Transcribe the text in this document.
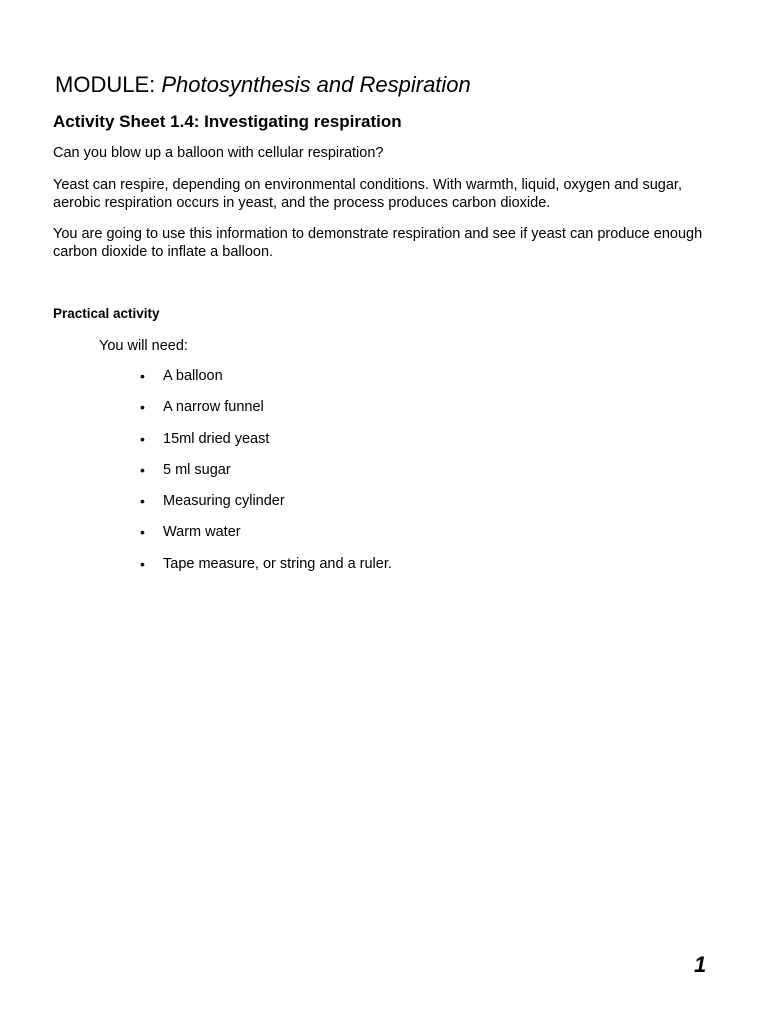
MODULE: Photosynthesis and Respiration
Activity Sheet 1.4: Investigating respiration

Can you blow up a balloon with cellular respiration?

Yeast can respire, depending on environmental conditions. With warmth, liquid, oxygen and sugar, aerobic respiration occurs in yeast, and the process produces carbon dioxide.

You are going to use this information to demonstrate respiration and see if yeast can produce enough carbon dioxide to inflate a balloon.

Practical activity

You will need:

• A balloon
• A narrow funnel
• 15ml dried yeast
• 5 ml sugar
• Measuring cylinder
• Warm water
• Tape measure, or string and a ruler.
1
